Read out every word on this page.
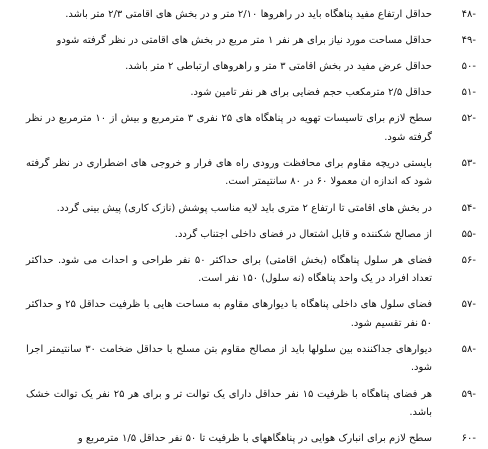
-۴۸
حداقل ارتفاع مفید پناهگاه باید در راهروها ۲/۱۰ متر و در بخش های اقامتی ۲/۳ متر باشد.
-۴۹
حداقل مساحت مورد نیاز برای هر نفر ۱ متر مربع در بخش های اقامتی در نظر گرفته شودو
-۵۰
حداقل عرض مفید در بخش اقامتی ۳ متر و راهروهای ارتباطی ۲ متر باشد.
-۵۱
حداقل ۲/۵ مترمکعب حجم فضایی برای هر نفر تامین شود.
-۵۲
سطح لازم برای تاسیسات تهویه در پناهگاه های ۲۵ نفری ۳ مترمربع و بیش از ۱۰ مترمربع در نظر گرفته شود.
-۵۳
بایستی دریچه مقاوم برای محافظت ورودی راه های فرار و خروجی های اضطراری در نظر گرفته شود که اندازه ان معمولا ۶۰ در ۸۰ سانتیمتر است.
-۵۴
در بخش های اقامتی تا ارتفاع ۲ متری باید لایه مناسب پوشش (نازک کاری) پیش بینی گردد.
-۵۵
از مصالح شکننده و قابل اشتعال در فضای داخلی اجتناب گردد.
-۵۶
فضای هر سلول پناهگاه (بخش اقامتی) برای حداکثر ۵۰ نفر طراحی و احداث می شود. حداکثر تعداد افراد در یک واحد پناهگاه (نه سلول) ۱۵۰ نفر است.
-۵۷
فضای سلول های داخلی پناهگاه با دیوارهای مقاوم به مساحت هایی با ظرفیت حداقل ۲۵ و حداکثر ۵۰ نفر تقسیم شود.
-۵۸
دیوارهای جداکننده بین سلولها باید از مصالح مقاوم بتن مسلح با حداقل ضخامت ۳۰ سانتیمتر اجرا شود.
-۵۹
هر فضای پناهگاه با ظرفیت ۱۵ نفر حداقل دارای یک توالت تر و برای هر ۲۵ نفر یک توالت خشک باشد.
-۶۰
سطح لازم برای انبارک هوایی در پناهگاههای با ظرفیت تا ۵۰ نفر حداقل ۱/۵ مترمربع و
